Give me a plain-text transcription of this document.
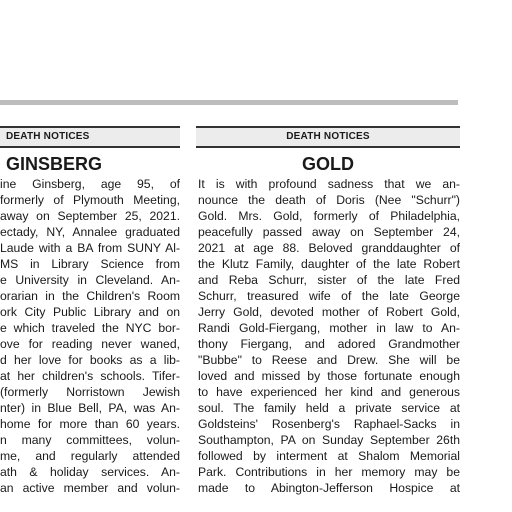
DEATH NOTICES
GINSBERG
ine Ginsberg, age 95, of
formerly of Plymouth Meeting,
away on September 25, 2021.
ectady, NY, Annalee graduated
Laude with a BA from SUNY Al-
MS in Library Science from
e University in Cleveland. An-
orarian in the Children's Room
ork City Public Library and on
e which traveled the NYC bor-
ove for reading never waned,
d her love for books as a lib-
at her children's schools. Tifer-
(formerly Norristown Jewish
nter) in Blue Bell, PA, was An-
home for more than 60 years.
n many committees, volun-
me, and regularly attended
ath & holiday services. An-
an active member and volun-
DEATH NOTICES
GOLD
It is with profound sadness that we an-
nounce the death of Doris (Nee "Schurr")
Gold. Mrs. Gold, formerly of Philadelphia,
peacefully passed away on September 24,
2021 at age 88. Beloved granddaughter of
the Klutz Family, daughter of the late Robert
and Reba Schurr, sister of the late Fred
Schurr, treasured wife of the late George
Jerry Gold, devoted mother of Robert Gold,
Randi Gold-Fiergang, mother in law to An-
thony Fiergang, and adored Grandmother
"Bubbe" to Reese and Drew. She will be
loved and missed by those fortunate enough
to have experienced her kind and generous
soul. The family held a private service at
Goldsteins' Rosenberg's Raphael-Sacks in
Southampton, PA on Sunday September 26th
followed by interment at Shalom Memorial
Park. Contributions in her memory may be
made to Abington-Jefferson Hospice at
